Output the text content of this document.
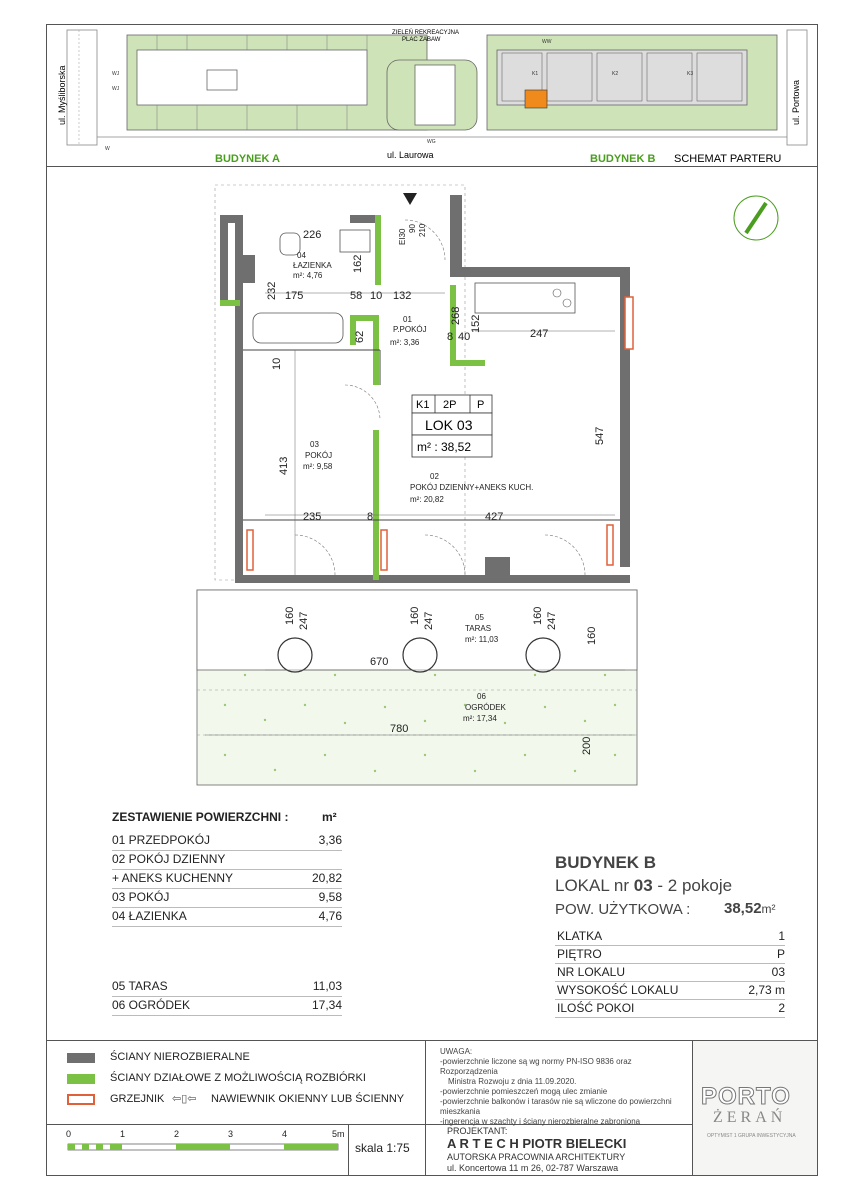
WJ
WJ
K1	K2	K3
WG
W
WW
ul. Myśliborska	ul. Portowa
ul. Laurowa
ZIELEŃ REKREACYJNA
PLAC ZABAW
BUDYNEK A	BUDYNEK B SCHEMAT PARTERU
226
162
232 175	58 10 132
268
62	8 40
152
247
10
413
547
235	8	427
160 247	160 247	160 247
160
670
780
200
EI30 90 210
04
ŁAZIENKA
m²: 4,76
01
P.POKÓJ
m²: 3,36
03
POKÓJ
m²: 9,58
02
POKÓJ DZIENNY+ANEKS KUCH.
m²: 20,82
05
TARAS
m²: 11,03
06
OGRÓDEK
m²: 17,34
K1 2P P
LOK 03
m² : 38,52
ZESTAWIENIE POWIERZCHNI :	m²
01 PRZEDPOKÓJ	3,36
02 POKÓJ DZIENNY
+ ANEKS KUCHENNY	20,82
03 POKÓJ	9,58
04 ŁAZIENKA	4,76
05 TARAS	11,03
06 OGRÓDEK	17,34
BUDYNEK B
LOKAL nr 03 - 2 pokoje
POW. UŻYTKOWA : 38,52m²
KLATKA	1
PIĘTRO	P
NR LOKALU	03
WYSOKOŚĆ LOKALU	2,73 m
ILOŚĆ POKOI	2
ŚCIANY NIEROZBIERALNE
ŚCIANY DZIAŁOWE Z MOŻLIWOŚCIĄ ROZBIÓRKI
GRZEJNIK ⇦▯⇦ NAWIEWNIK OKIENNY LUB ŚCIENNY
0	1	2	3	4	5m
skala 1:75
UWAGA:
-powierzchnie liczone są wg normy PN-ISO 9836 oraz Rozporządzenia
Ministra Rozwoju z dnia 11.09.2020.
-powierzchnie pomieszczeń mogą ulec zmianie
-powierzchnie balkonów i tarasów nie są wliczone do powierzchni mieszkania
-ingerencja w szachty i ściany nierozbieralne zabroniona
PROJEKTANT:
A R T E C H PIOTR BIELECKI
AUTORSKA PRACOWNIA ARCHITEKTURY
ul. Koncertowa 11 m 26, 02-787 Warszawa
PORTO
ŻERAŃ
OPTYMIST 1 GRUPA INWESTYCYJNA
